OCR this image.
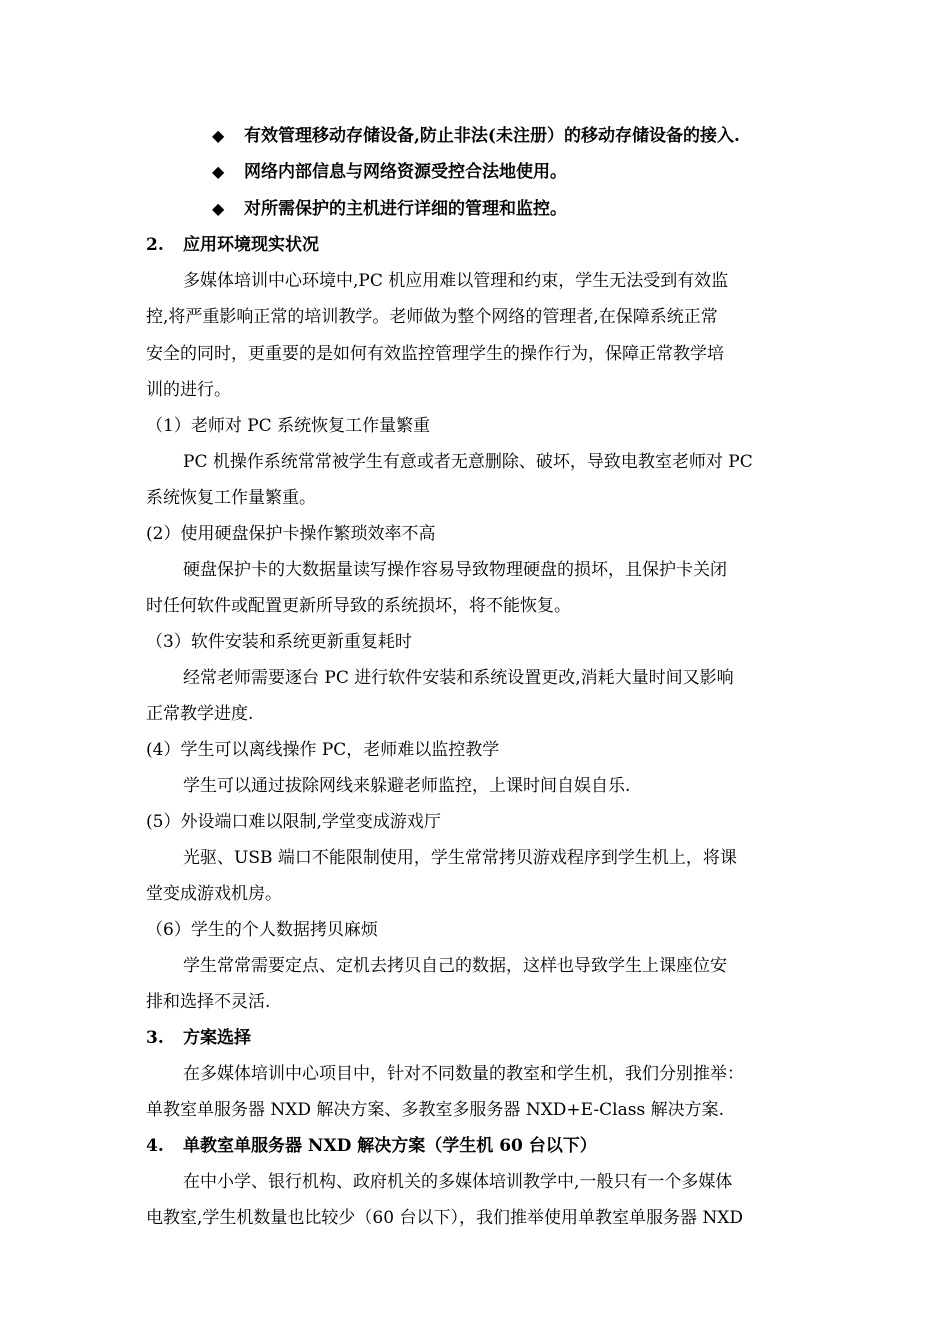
◆ 有效管理移动存储设备,防止非法(未注册）的移动存储设备的接入.
◆ 网络内部信息与网络资源受控合法地使用。
◆ 对所需保护的主机进行详细的管理和监控。
2. 应用环境现实状况
多媒体培训中心环境中,PC 机应用难以管理和约束，学生无法受到有效监
控,将严重影响正常的培训教学。老师做为整个网络的管理者,在保障系统正常
安全的同时，更重要的是如何有效监控管理学生的操作行为，保障正常教学培
训的进行。
（1）老师对 PC 系统恢复工作量繁重
PC 机操作系统常常被学生有意或者无意删除、破坏，导致电教室老师对 PC
系统恢复工作量繁重。
(2）使用硬盘保护卡操作繁琐效率不高
硬盘保护卡的大数据量读写操作容易导致物理硬盘的损坏，且保护卡关闭
时任何软件或配置更新所导致的系统损坏，将不能恢复。
（3）软件安装和系统更新重复耗时
经常老师需要逐台 PC 进行软件安装和系统设置更改,消耗大量时间又影响
正常教学进度.
(4）学生可以离线操作 PC，老师难以监控教学
学生可以通过拔除网线来躲避老师监控，上课时间自娱自乐.
(5）外设端口难以限制,学堂变成游戏厅
光驱、USB 端口不能限制使用，学生常常拷贝游戏程序到学生机上，将课
堂变成游戏机房。
（6）学生的个人数据拷贝麻烦
学生常常需要定点、定机去拷贝自己的数据，这样也导致学生上课座位安
排和选择不灵活.
3. 方案选择
在多媒体培训中心项目中，针对不同数量的教室和学生机，我们分别推举：
单教室单服务器 NXD 解决方案、多教室多服务器 NXD+E-Class 解决方案.
4. 单教室单服务器 NXD 解决方案（学生机 60 台以下）
在中小学、银行机构、政府机关的多媒体培训教学中,一般只有一个多媒体
电教室,学生机数量也比较少（60 台以下），我们推举使用单教室单服务器 NXD
